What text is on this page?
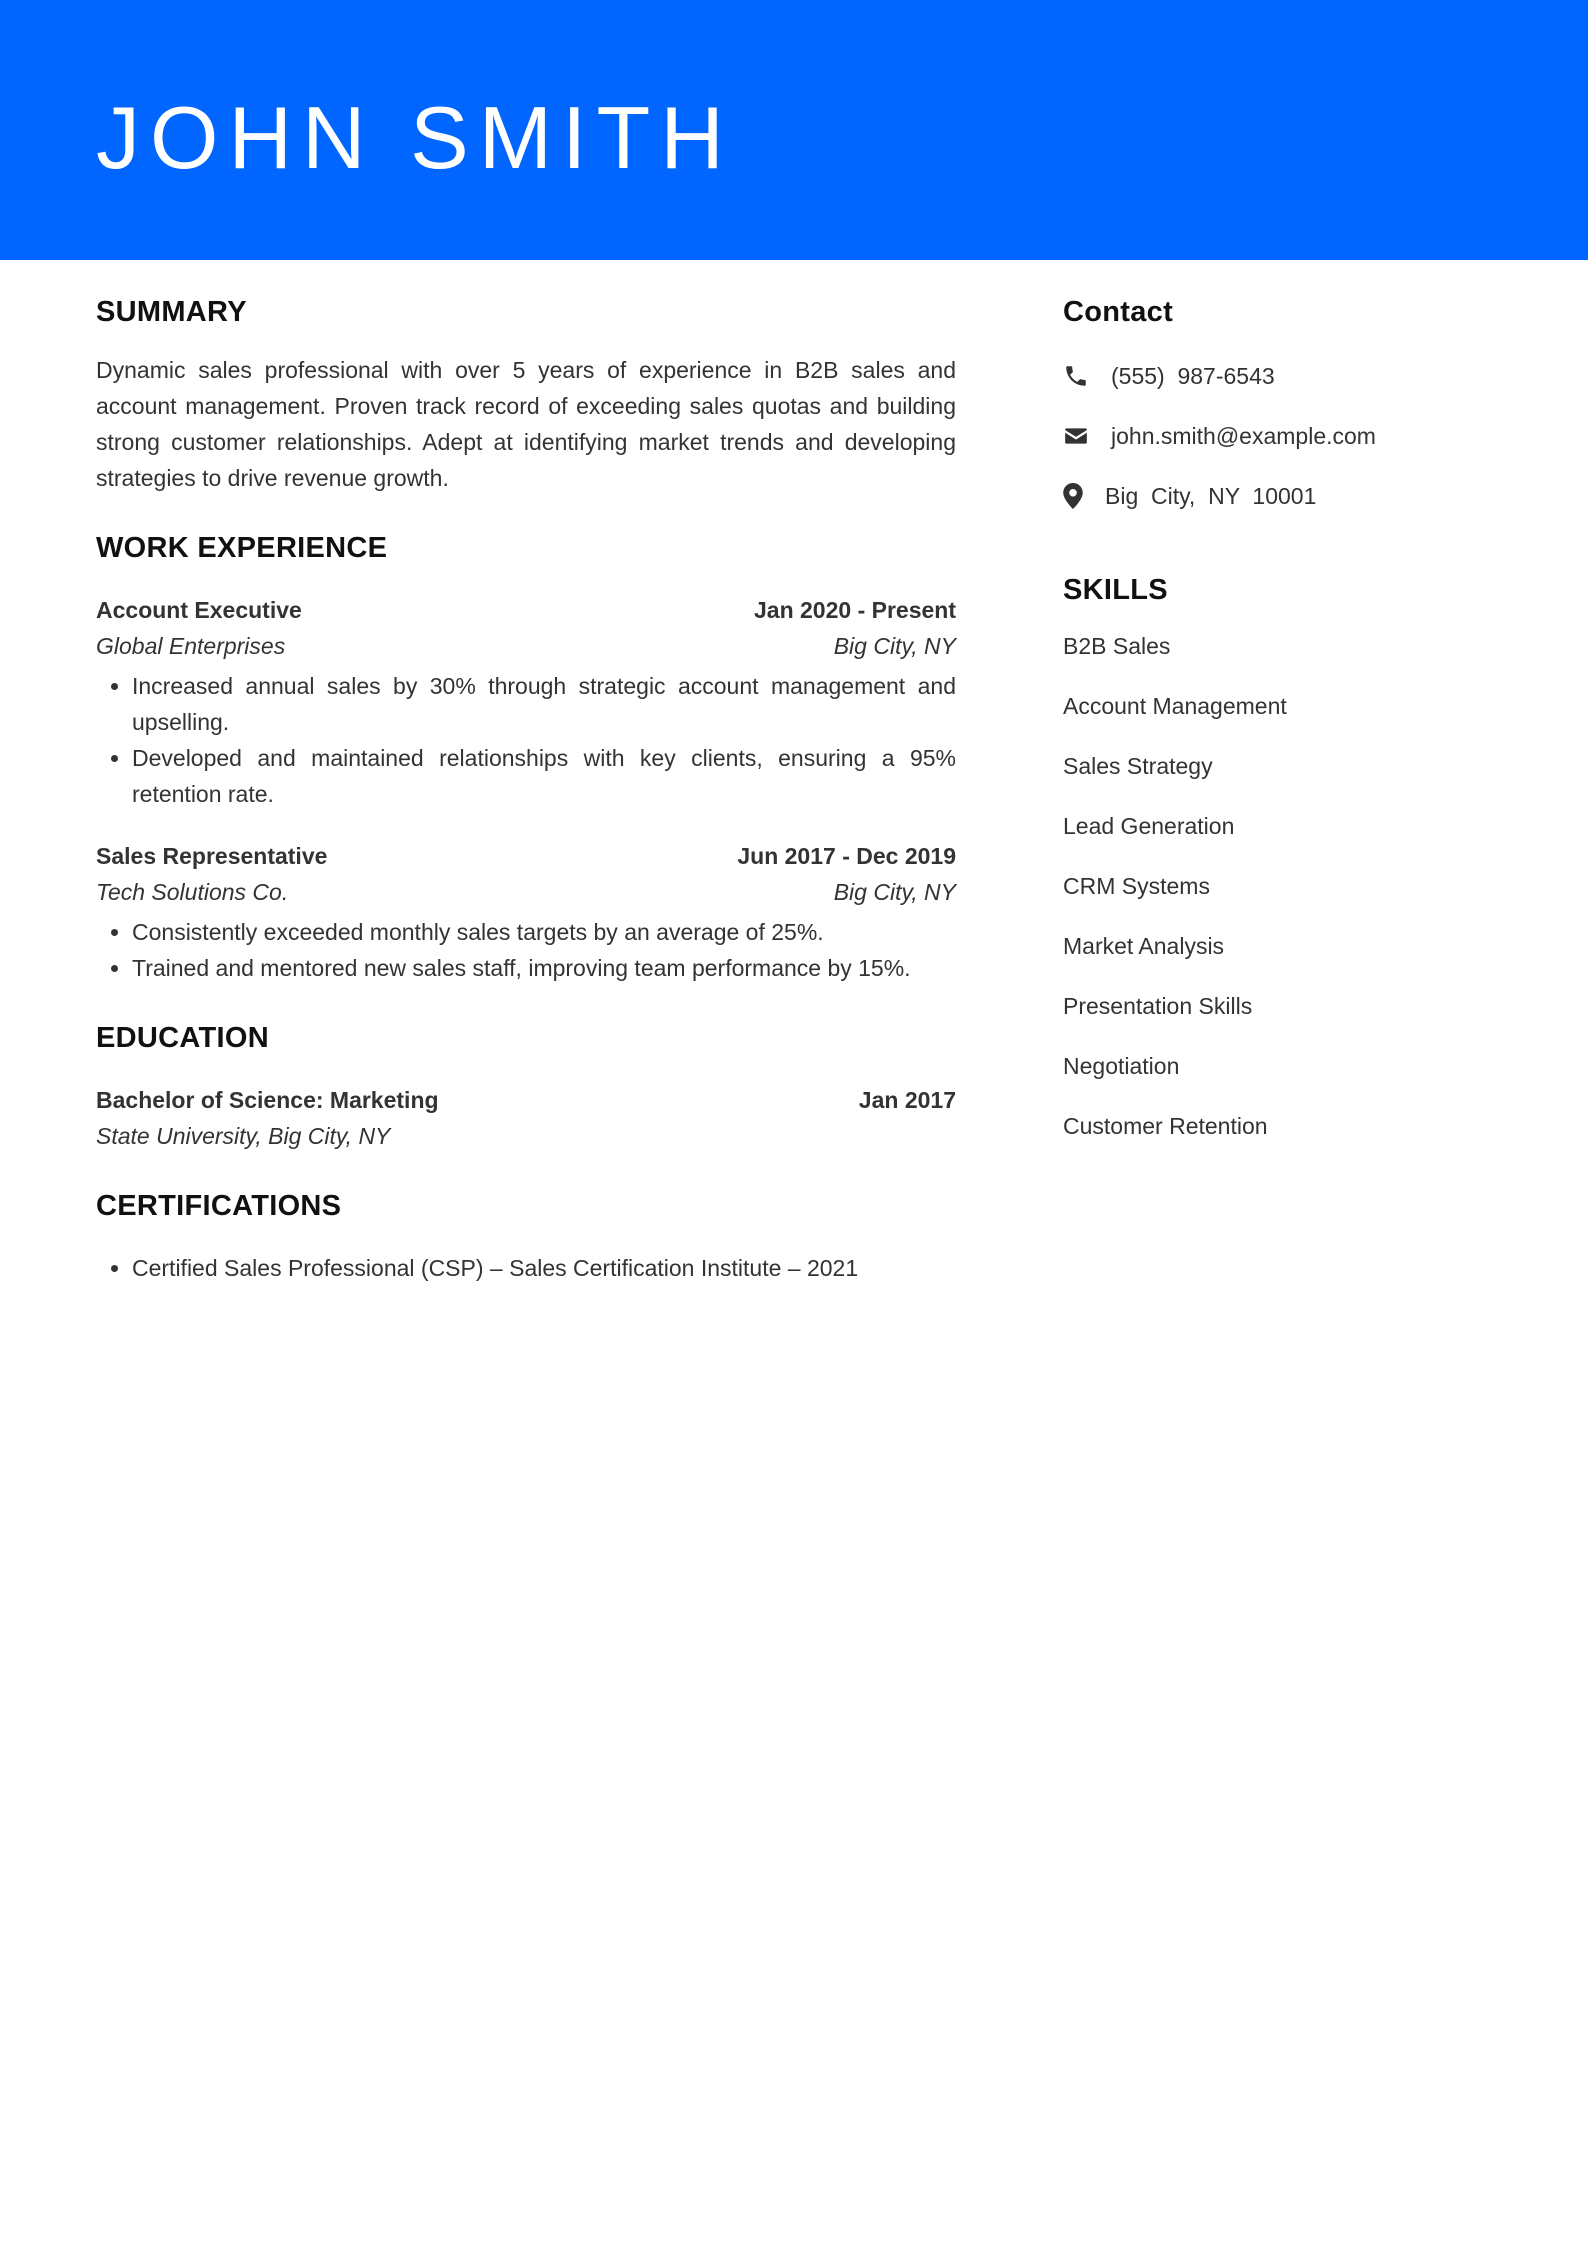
JOHN SMITH
SUMMARY

Dynamic sales professional with over 5 years of experience in B2B sales and account management. Proven track record of exceeding sales quotas and building strong customer relationships. Adept at identifying market trends and developing strategies to drive revenue growth.

WORK EXPERIENCE
Account Executive	Jan 2020 - Present
Global Enterprises	Big City, NY
• Increased annual sales by 30% through strategic account management and upselling.
• Developed and maintained relationships with key clients, ensuring a 95% retention rate.
Sales Representative	Jun 2017 - Dec 2019
Tech Solutions Co.	Big City, NY
• Consistently exceeded monthly sales targets by an average of 25%.
• Trained and mentored new sales staff, improving team performance by 15%.
EDUCATION
Bachelor of Science: Marketing	Jan 2017
State University, Big City, NY
CERTIFICATIONS
• Certified Sales Professional (CSP) – Sales Certification Institute – 2021
Contact
(555)  987-6543
john.smith@example.com
Big  City,  NY  10001
SKILLS
B2B Sales
Account Management
Sales Strategy
Lead Generation
CRM Systems
Market Analysis
Presentation Skills
Negotiation
Customer Retention
